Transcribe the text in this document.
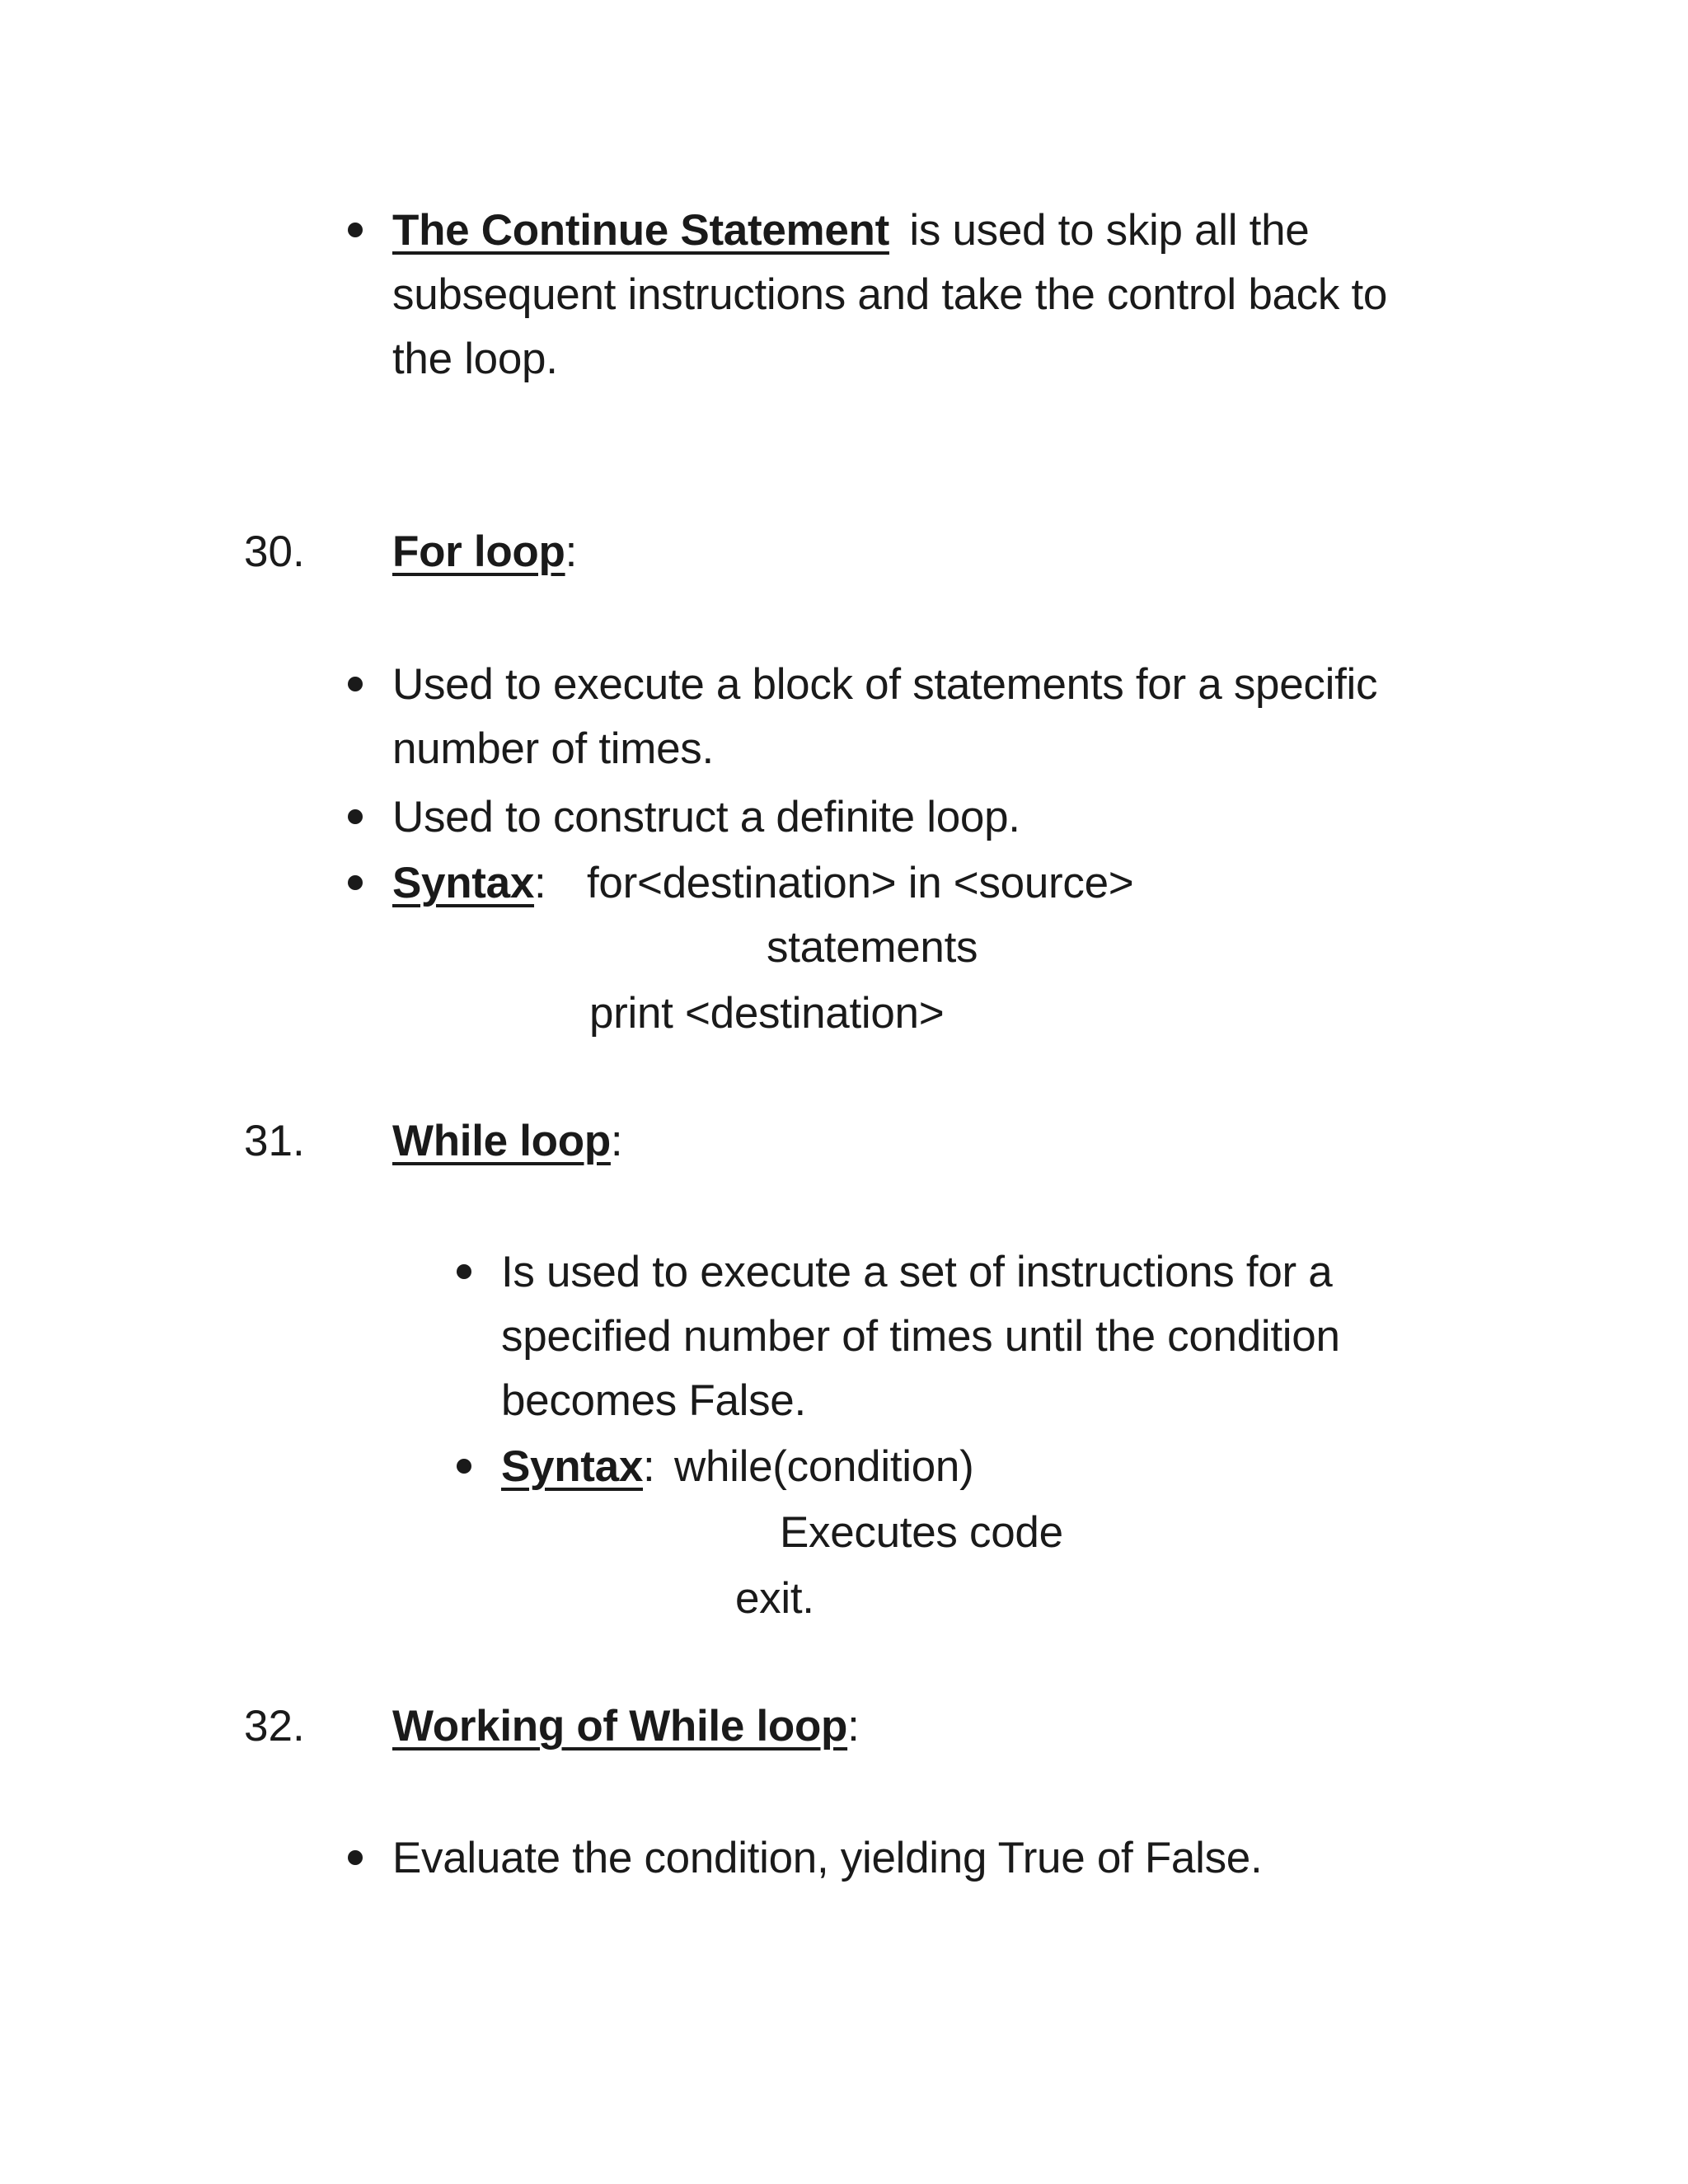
The Continue Statement is used to skip all the
subsequent instructions and take the control back to
the loop.
30. For loop:
Used to execute a block of statements for a specific
number of times.
Used to construct a definite loop.
Syntax: for<destination> in <source>
statements
print <destination>
31. While loop:
Is used to execute a set of instructions for a
specified number of times until the condition
becomes False.
Syntax: while(condition)
Executes code
exit.
32. Working of While loop:
Evaluate the condition, yielding True of False.
